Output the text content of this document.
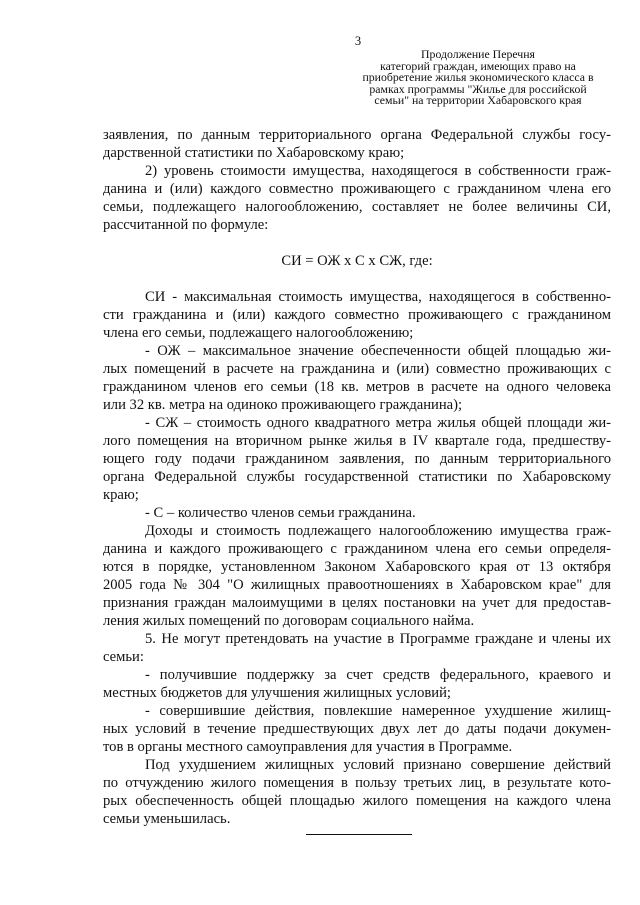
3
Продолжение Перечня
категорий граждан, имеющих право на
приобретение жилья экономического класса в
рамках программы "Жилье для российской
семьи" на территории Хабаровского края
заявления, по данным территориального органа Федеральной службы госу-
дарственной статистики по Хабаровскому краю;
2) уровень стоимости имущества, находящегося в собственности граж-
данина и (или) каждого совместно проживающего с гражданином члена его
семьи, подлежащего налогообложению, составляет не более величины СИ,
рассчитанной по формуле:
СИ = ОЖ х С х СЖ, где:
СИ - максимальная стоимость имущества, находящегося в собственно-
сти гражданина и (или) каждого совместно проживающего с гражданином
члена его семьи, подлежащего налогообложению;
- ОЖ – максимальное значение обеспеченности общей площадью жи-
лых помещений в расчете на гражданина и (или) совместно проживающих с
гражданином членов его семьи (18 кв. метров в расчете на одного человека
или 32 кв. метра на одиноко проживающего гражданина);
- СЖ – стоимость одного квадратного метра жилья общей площади жи-
лого помещения на вторичном рынке жилья в IV квартале года, предшеству-
ющего году подачи гражданином заявления, по данным территориального
органа Федеральной службы государственной статистики по Хабаровскому
краю;
- С – количество членов семьи гражданина.
Доходы и стоимость подлежащего налогообложению имущества граж-
данина и каждого проживающего с гражданином члена его семьи определя-
ются в порядке, установленном Законом Хабаровского края от 13 октября
2005 года № 304 "О жилищных правоотношениях в Хабаровском крае" для
признания граждан малоимущими в целях постановки на учет для предостав-
ления жилых помещений по договорам социального найма.
5. Не могут претендовать на участие в Программе граждане и члены их
семьи:
- получившие поддержку за счет средств федерального, краевого и
местных бюджетов для улучшения жилищных условий;
- совершившие действия, повлекшие намеренное ухудшение жилищ-
ных условий в течение предшествующих двух лет до даты подачи докумен-
тов в органы местного самоуправления для участия в Программе.
Под ухудшением жилищных условий признано совершение действий
по отчуждению жилого помещения в пользу третьих лиц, в результате кото-
рых обеспеченность общей площадью жилого помещения на каждого члена
семьи уменьшилась.
